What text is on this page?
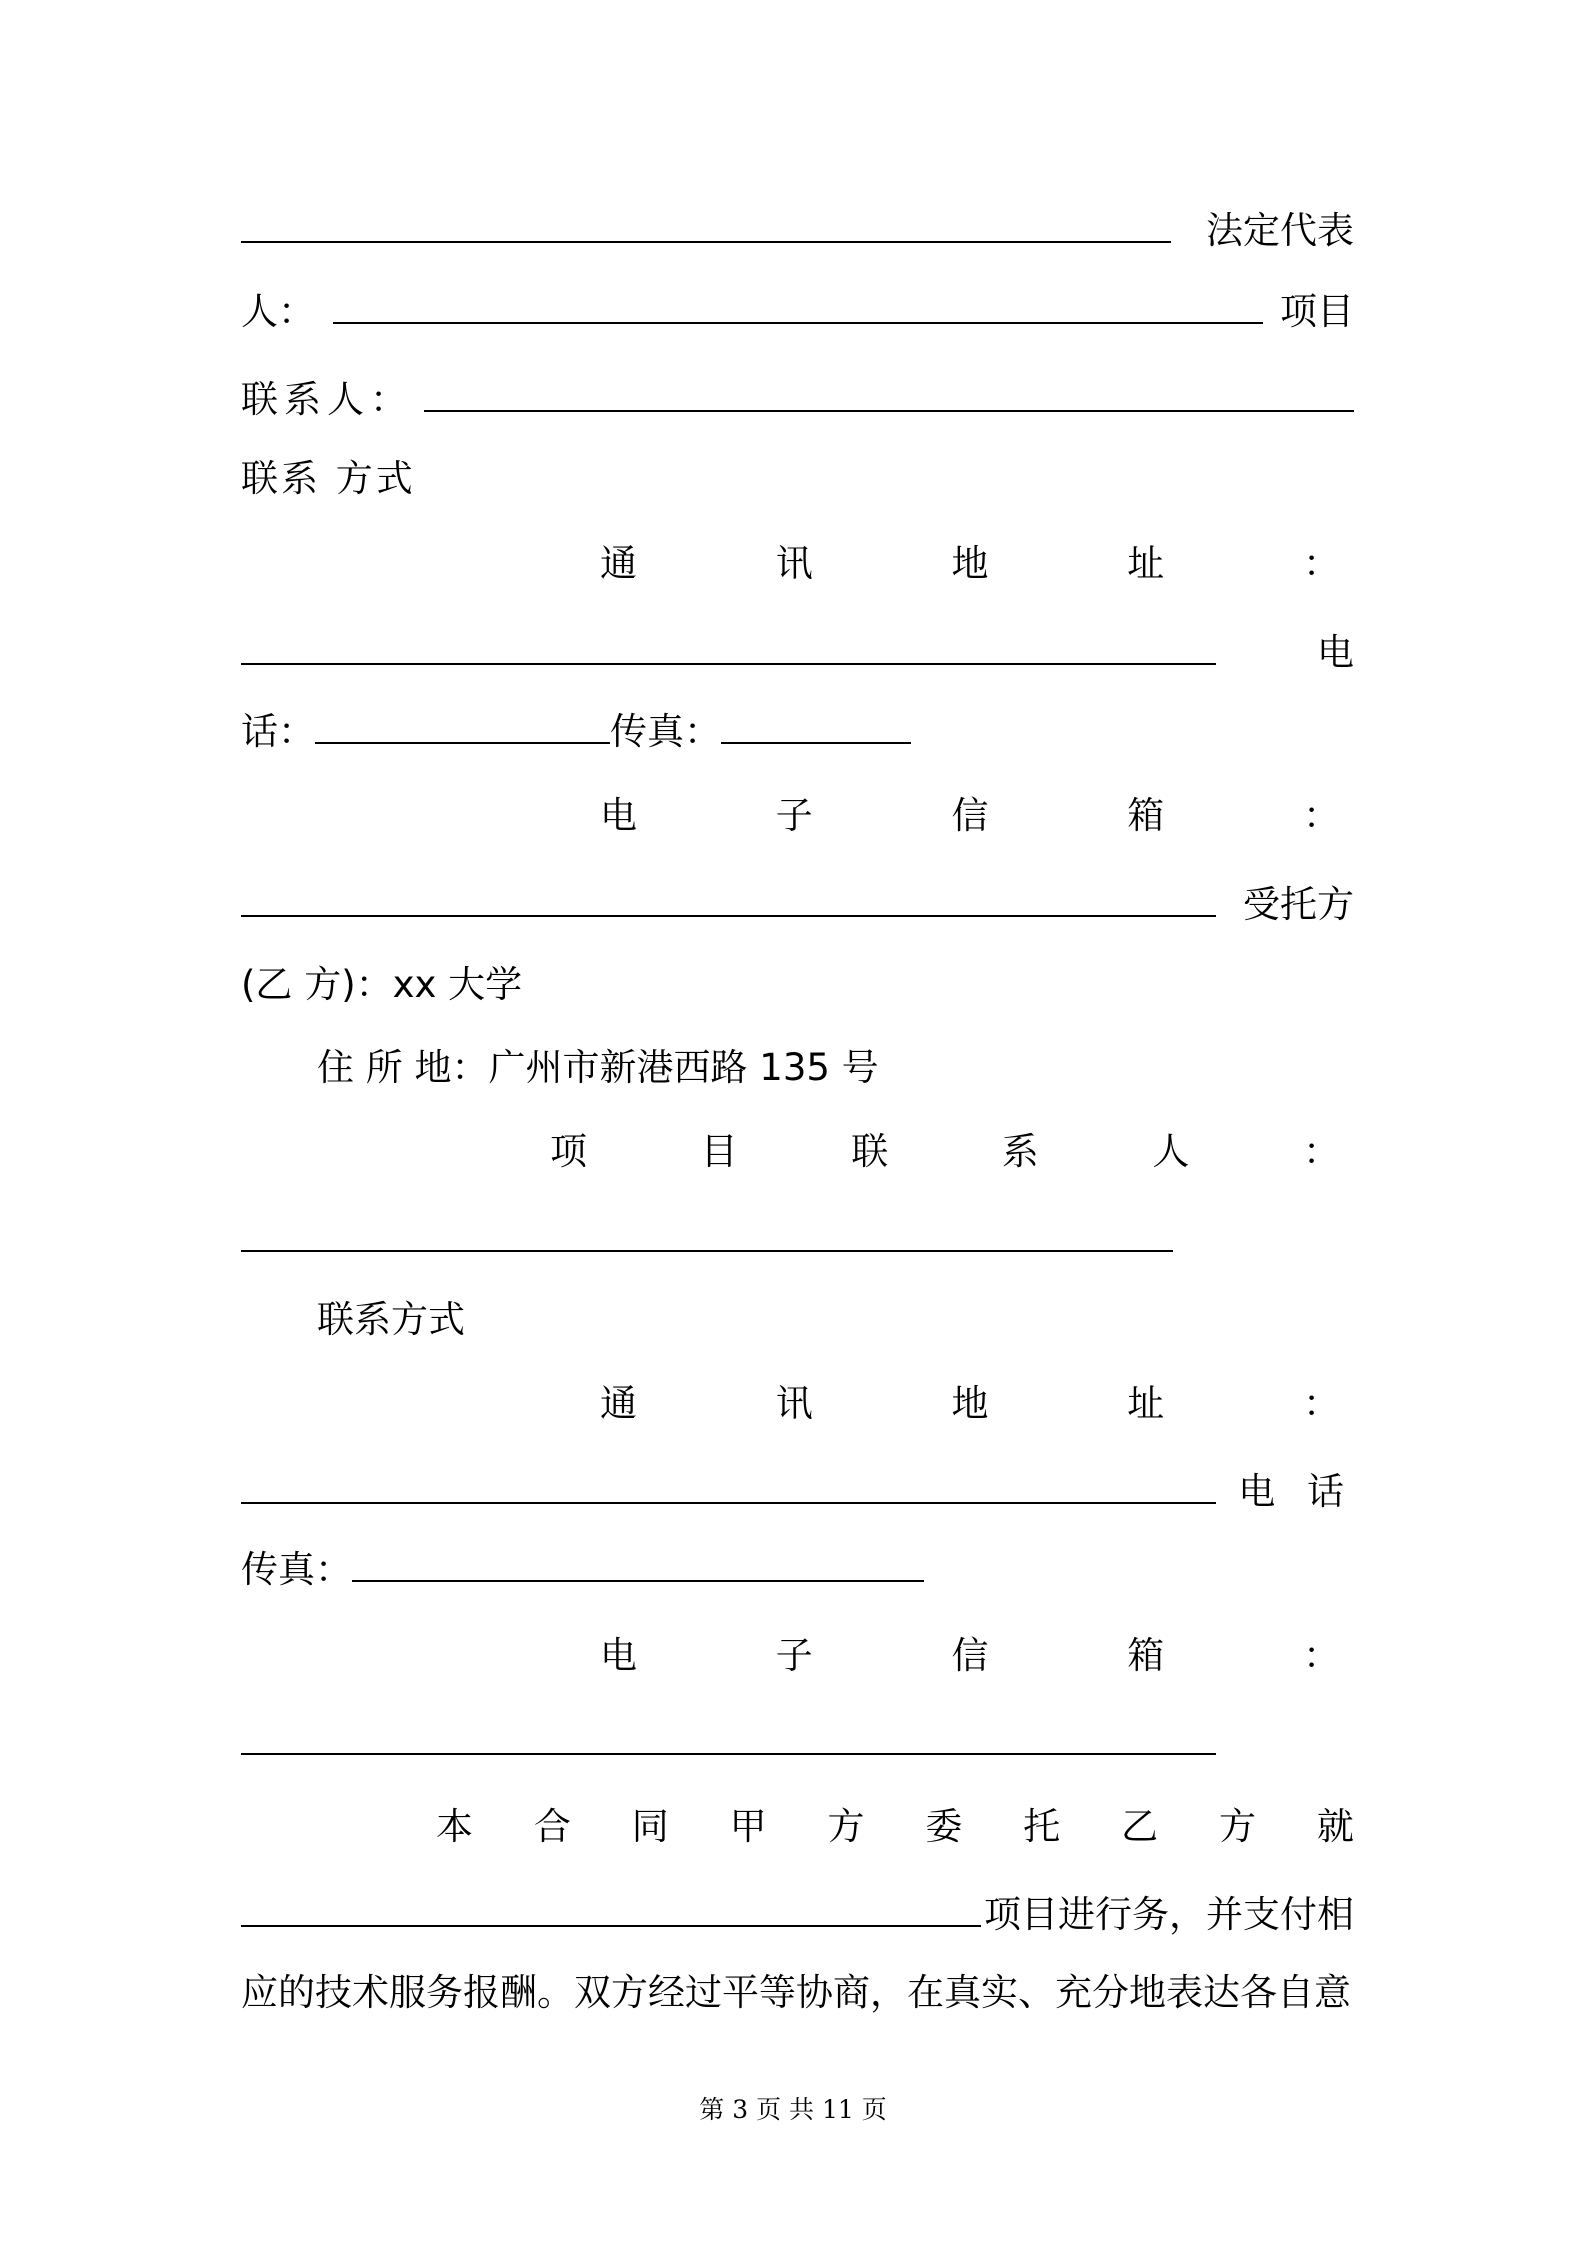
法定代表
人：	项目
联系人：
联系 方式
通	讯	地	址	：
电
话：	传真：
电	子	信	箱	：
受托方
(乙 方)：xx 大学
住 所 地：广州市新港西路 135 号
项	目	联	系	人	：
联系方式
通	讯	地	址	：
电 话
传真：
电	子	信	箱	：
本 合 同 甲 方 委 托 乙 方 就
项目进行务，并支付相
应的技术服务报酬。双方经过平等协商，在真实、充分地表达各自意
第 3 页 共 11 页
